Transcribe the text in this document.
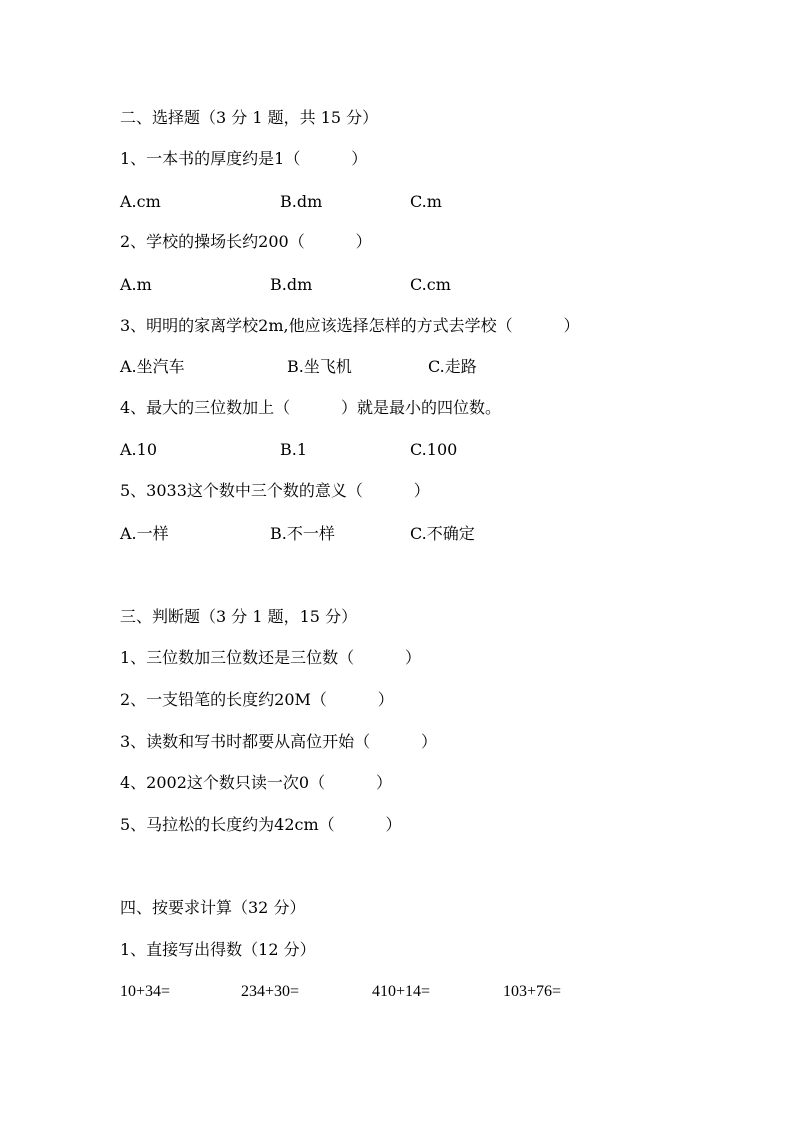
二、选择题（3 分 1 题，共 15 分）
1、一本书的厚度约是1（          ）
A.cm	B.dm	C.m
2、学校的操场长约200（          ）
A.m	B.dm	C.cm
3、明明的家离学校2m,他应该选择怎样的方式去学校（          ）
A.坐汽车	B.坐飞机	C.走路
4、最大的三位数加上（          ）就是最小的四位数。
A.10	B.1	C.100
5、3033这个数中三个数的意义（          ）
A.一样	B.不一样	C.不确定
三、判断题（3 分 1 题，15 分）
1、三位数加三位数还是三位数（          ）
2、一支铅笔的长度约20M（          ）
3、读数和写书时都要从高位开始（          ）
4、2002这个数只读一次0（          ）
5、马拉松的长度约为42cm（          ）
四、按要求计算（32 分）
1、直接写出得数（12 分）
10+34=	234+30=	410+14=	103+76=
